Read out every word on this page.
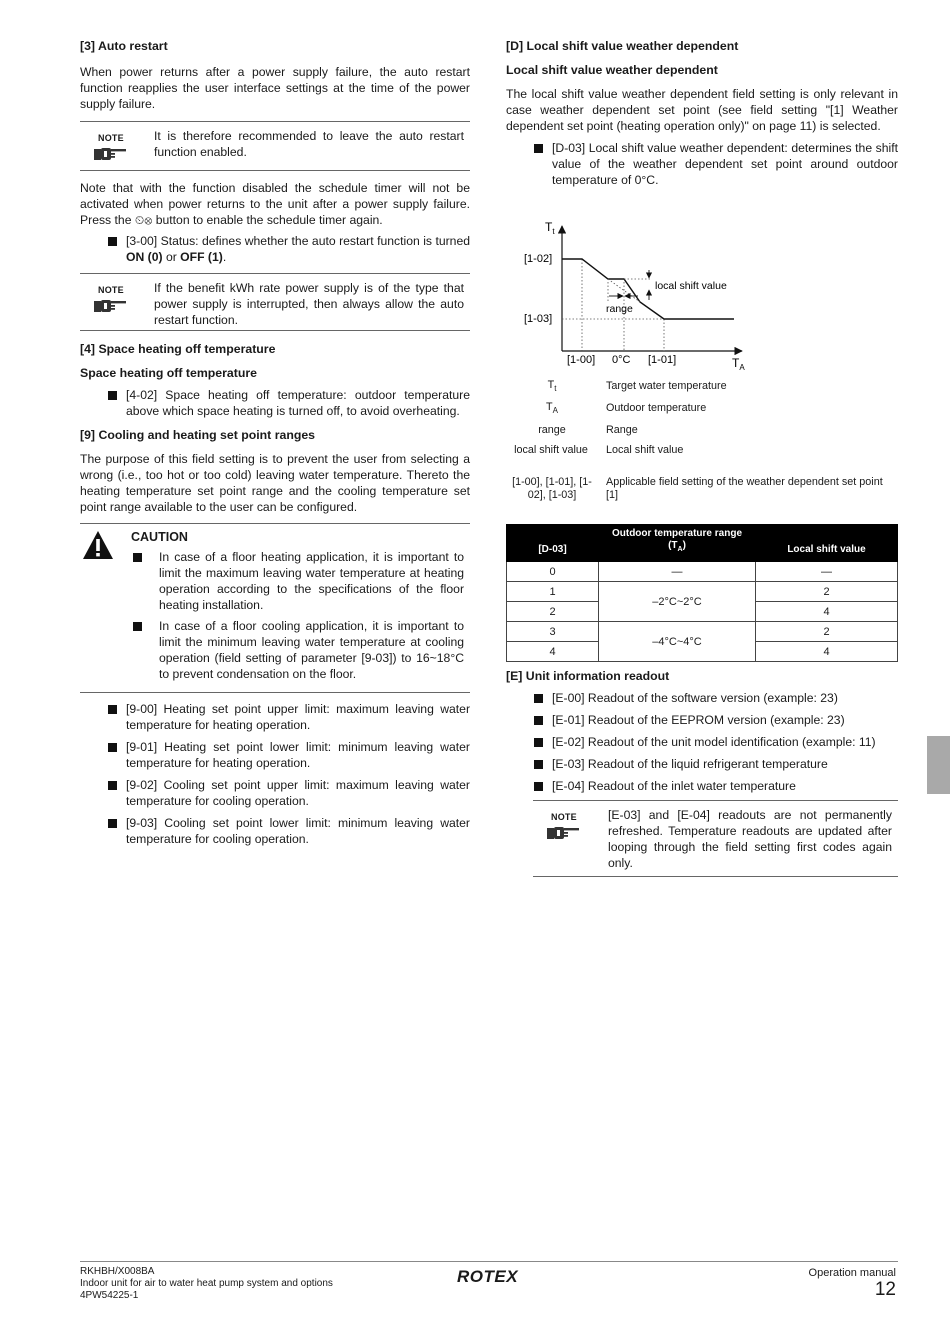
[3] Auto restart

When power returns after a power supply failure, the auto restart function reapplies the user interface settings at the time of the power supply failure.

NOTE It is therefore recommended to leave the auto restart function enabled.

Note that with the function disabled the schedule timer will not be activated when power returns to the unit after a power supply failure. Press the ⏲⊗ button to enable the schedule timer again.

[3-00] Status: defines whether the auto restart function is turned ON (0) or OFF (1).
NOTE If the benefit kWh rate power supply is of the type that power supply is interrupted, then always allow the auto restart function.

[4] Space heating off temperature
Space heating off temperature
[4-02] Space heating off temperature: outdoor temperature above which space heating is turned off, to avoid overheating.
[9] Cooling and heating set point ranges

The purpose of this field setting is to prevent the user from selecting a wrong (i.e., too hot or too cold) leaving water temperature. Thereto the heating temperature set point range and the cooling temperature set point range available to the user can be configured.

CAUTION
In case of a floor heating application, it is important to limit the maximum leaving water temperature at heating operation according to the specifications of the floor heating installation.
In case of a floor cooling application, it is important to limit the minimum leaving water temperature at cooling operation (field setting of parameter [9-03]) to 16~18°C to prevent condensation on the floor.
[9-00] Heating set point upper limit: maximum leaving water temperature for heating operation.
[9-01] Heating set point lower limit: minimum leaving water temperature for heating operation.
[9-02] Cooling set point upper limit: maximum leaving water temperature for cooling operation.
[9-03] Cooling set point lower limit: minimum leaving water temperature for cooling operation.
[D] Local shift value weather dependent
Local shift value weather dependent

The local shift value weather dependent field setting is only relevant in case weather dependent set point (see field setting "[1] Weather dependent set point (heating operation only)" on page 11) is selected.

[D-03] Local shift value weather dependent: determines the shift value of the weather dependent set point around outdoor temperature of 0°C.
$T_t$
$T_A$
[1-02]
[1-03]
[1-00] 0°C [1-01]
local shift value
range
$T_t$	Target water temperature
$T_A$	Outdoor temperature
range	Range
local shift value	Local shift value
[1-00], [1-01], [1-02], [1-03]
Applicable field setting of the weather dependent set point [1]
[D-03]	Outdoor temperature range $(T_A)$	Local shift value
0	—	—
1	–2°C~2°C	2
2		4
3	–4°C~4°C	2
4		4
[E] Unit information readout
[E-00] Readout of the software version (example: 23)
[E-01] Readout of the EEPROM version (example: 23)
[E-02] Readout of the unit model identification (example: 11)
[E-03] Readout of the liquid refrigerant temperature
[E-04] Readout of the inlet water temperature
NOTE	[E-03] and [E-04] readouts are not permanently refreshed. Temperature readouts are updated after looping through the field setting first codes again only.

RKHBH/X008BA
Indoor unit for air to water heat pump system and options
4PW54225-1
ROTEX	Operation manual
12
